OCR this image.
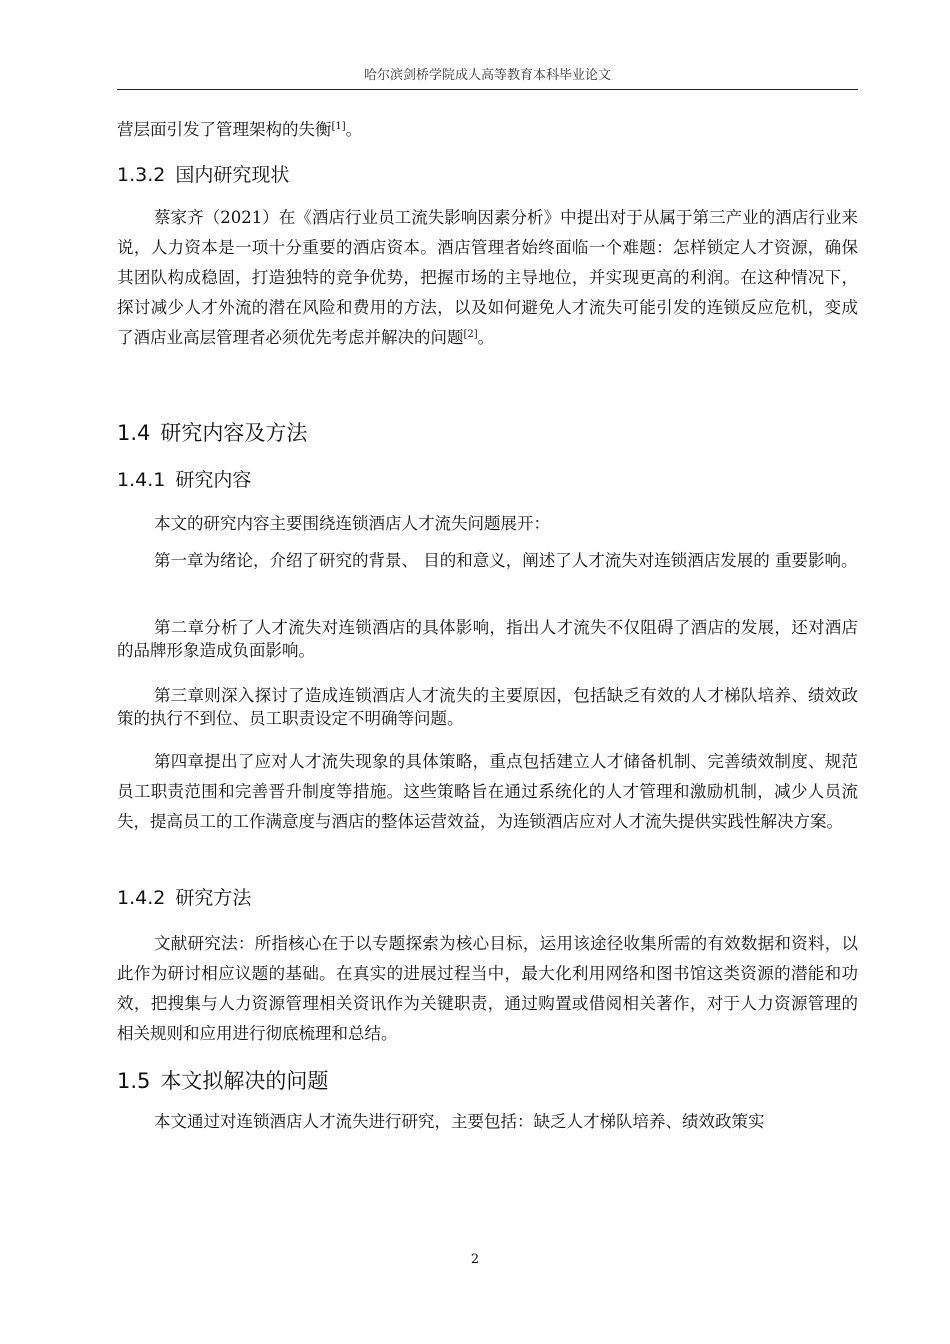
哈尔滨剑桥学院成人高等教育本科毕业论文

营层面引发了管理架构的失衡[1]。

1.3.2 国内研究现状

蔡家齐（2021）在《酒店行业员工流失影响因素分析》中提出对于从属于第三产业的酒店行业来说，人力资本是一项十分重要的酒店资本。酒店管理者始终面临一个难题：怎样锁定人才资源，确保其团队构成稳固，打造独特的竞争优势，把握市场的主导地位，并实现更高的利润。在这种情况下，探讨减少人才外流的潜在风险和费用的方法，以及如何避免人才流失可能引发的连锁反应危机，变成了酒店业高层管理者必须优先考虑并解决的问题[2]。

1.4 研究内容及方法
1.4.1 研究内容

本文的研究内容主要围绕连锁酒店人才流失问题展开：

第一章为绪论，介绍了研究的背景、 目的和意义，阐述了人才流失对连锁酒店发展的 重要影响。

第二章分析了人才流失对连锁酒店的具体影响，指出人才流失不仅阻碍了酒店的发展，还对酒店的品牌形象造成负面影响。

第三章则深入探讨了造成连锁酒店人才流失的主要原因，包括缺乏有效的人才梯队培养、绩效政策的执行不到位、员工职责设定不明确等问题。

第四章提出了应对人才流失现象的具体策略，重点包括建立人才储备机制、完善绩效制度、规范员工职责范围和完善晋升制度等措施。这些策略旨在通过系统化的人才管理和激励机制，减少人员流失，提高员工的工作满意度与酒店的整体运营效益，为连锁酒店应对人才流失提供实践性解决方案。

1.4.2 研究方法

文献研究法：所指核心在于以专题探索为核心目标，运用该途径收集所需的有效数据和资料，以此作为研讨相应议题的基础。在真实的进展过程当中，最大化利用网络和图书馆这类资源的潜能和功效，把搜集与人力资源管理相关资讯作为关键职责，通过购置或借阅相关著作，对于人力资源管理的相关规则和应用进行彻底梳理和总结。

1.5 本文拟解决的问题

本文通过对连锁酒店人才流失进行研究，主要包括：缺乏人才梯队培养、绩效政策实

2
